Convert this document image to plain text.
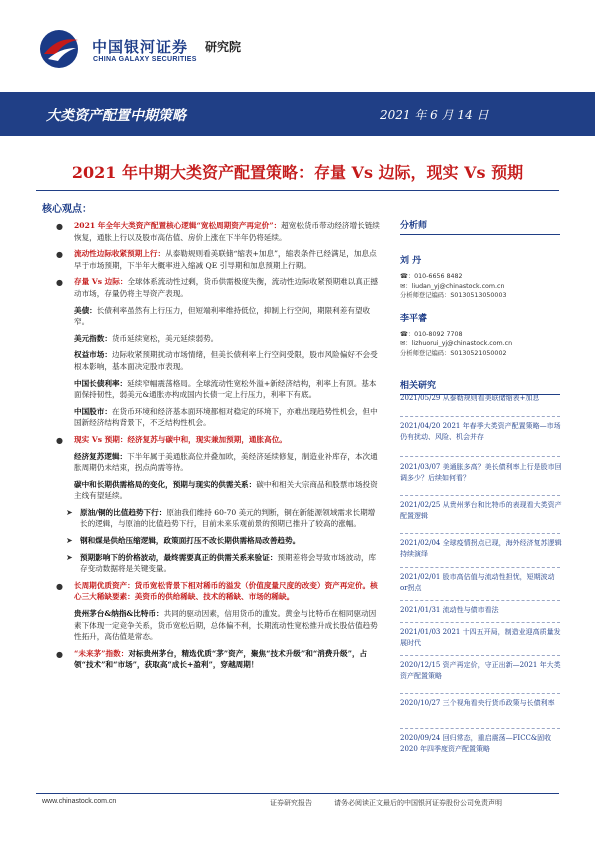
中国银河证券
CHINA GALAXY SECURITIES
研究院
大类资产配置中期策略	2021 年 6 月 14 日
2021 年中期大类资产配置策略：存量 Vs 边际，现实 Vs 预期
核心观点：
● 2021 年全年大类资产配置核心逻辑“宽松周期资产再定价”：超宽松货币带动经济增长链续恢复，通胀上行以及股市高估值、房价上涨在下半年仍将延续。
● 流动性边际收紧预期上行：从泰勒规则看美联储“缩表+加息”，缩表条件已经满足，加息点早于市场预期，下半年大概率进入缩减 QE 引导期和加息预期上行期。
● 存量 Vs 边际：全球体系流动性过剩，货币供需极度失衡，流动性边际收紧预期难以真正撼动市场，存量仍将主导资产表现。
美债：长债利率虽然有上行压力，但短端利率维持低位，抑制上行空间，期限利差有望收窄。
美元指数：货币延续宽松，美元延续弱势。
权益市场：边际收紧预期扰动市场情绪，但美长债利率上行空间受限，股市风险偏好不会受根本影响，基本面决定股市表现。
中国长债利率：延续窄幅震荡格局。全球流动性宽松外溢+新经济结构，利率上有顶。基本面保持韧性，弱美元&通胀亦构成国内长债一定上行压力，利率下有底。
中国股市：在货币环境和经济基本面环境都相对稳定的环境下，亦难出现趋势性机会，但中国新经济结构背景下，不乏结构性机会。
● 现实 Vs 预期：经济复苏与碳中和，现实兼加预期，通胀高位。
经济复苏逻辑：下半年属于美通胀高位并叠加欧，美经济延续修复，制造业补库存，本次通胀周期仍未结束，拐点尚需等待。
碳中和长期供需格局的变化，预期与现实的供需关系：碳中和相关大宗商品和股票市场投资主线有望延续。
➤ 原油/铜的比值趋势下行：原油我们维持 60-70 美元的判断，铜在新能源领域需求长期增长的逻辑，与原油的比值趋势下行，目前未来乐观前景的预期已推升了较高的涨幅。
➤ 钢和煤是供给压缩逻辑，政策面打压不改长期供需格局改善趋势。
➤ 预期影响下的价格波动，最终需要真正的供需关系来验证：预期差将会导致市场波动，库存变动数据将是关键变量。
● 长周期优质资产：货币宽松背景下相对稀币的溢发（价值度量尺度的改变）资产再定价。核心三大稀缺要素：美资币的供给稀缺、技术的稀缺、市场的稀缺。
贵州茅台&纳指&比特币：共同的驱动因素，信用货币的滥发。黄金与比特币在相同驱动因素下体现一定竞争关系，货币宽松后期，总体偏不利，长期流动性宽松推升成长股估值趋势性拓升，高估值是常态。
● “未来茅”指数：对标贵州茅台，精选优质“茅”资产，聚焦“技术升级”和“消费升级”，占领“技术”和“市场”，获取高“成长+盈利”，穿越周期！
分析师
刘 丹
☎：010-6656 8482
✉：liudan_yj@chinastock.com.cn
分析师登记编码：S0130513050003
李平睿
☎：010-8092 7708
✉：lizhuorui_yj@chinastock.com.cn
分析师登记编码：S0130521050002
相关研究
2021/05/29 从泰勒规则看美联储缩表+加息
2021/04/20 2021 年春季大类资产配置策略—市场仍有扰动、风险、机会并存
2021/03/07 美通胀多高？美长债利率上行是股市回调多少？后续如何看？
2021/02/25 从贵州茅台和比特币的表现看大类资产配置逻辑
2021/02/04 全球疫情拐点已现，海外经济复苏逻辑持续演绎
2021/02/01 股市高估值与流动性担忧，短期波动or拐点
2021/01/31 流动性与债市看法
2021/01/03 2021 十四五开局，制造业迎高质量发展时代
2020/12/15 资产再定价，守正出新—2021 年大类资产配置策略
2020/10/27 三个视角看央行货币政策与长债利率
2020/09/24 回归常态，重启震荡—FICC&固收 2020 年四季度资产配置策略
www.chinastock.com.cn	证券研究报告	请务必阅读正文最后的中国银河证券股份公司免责声明
